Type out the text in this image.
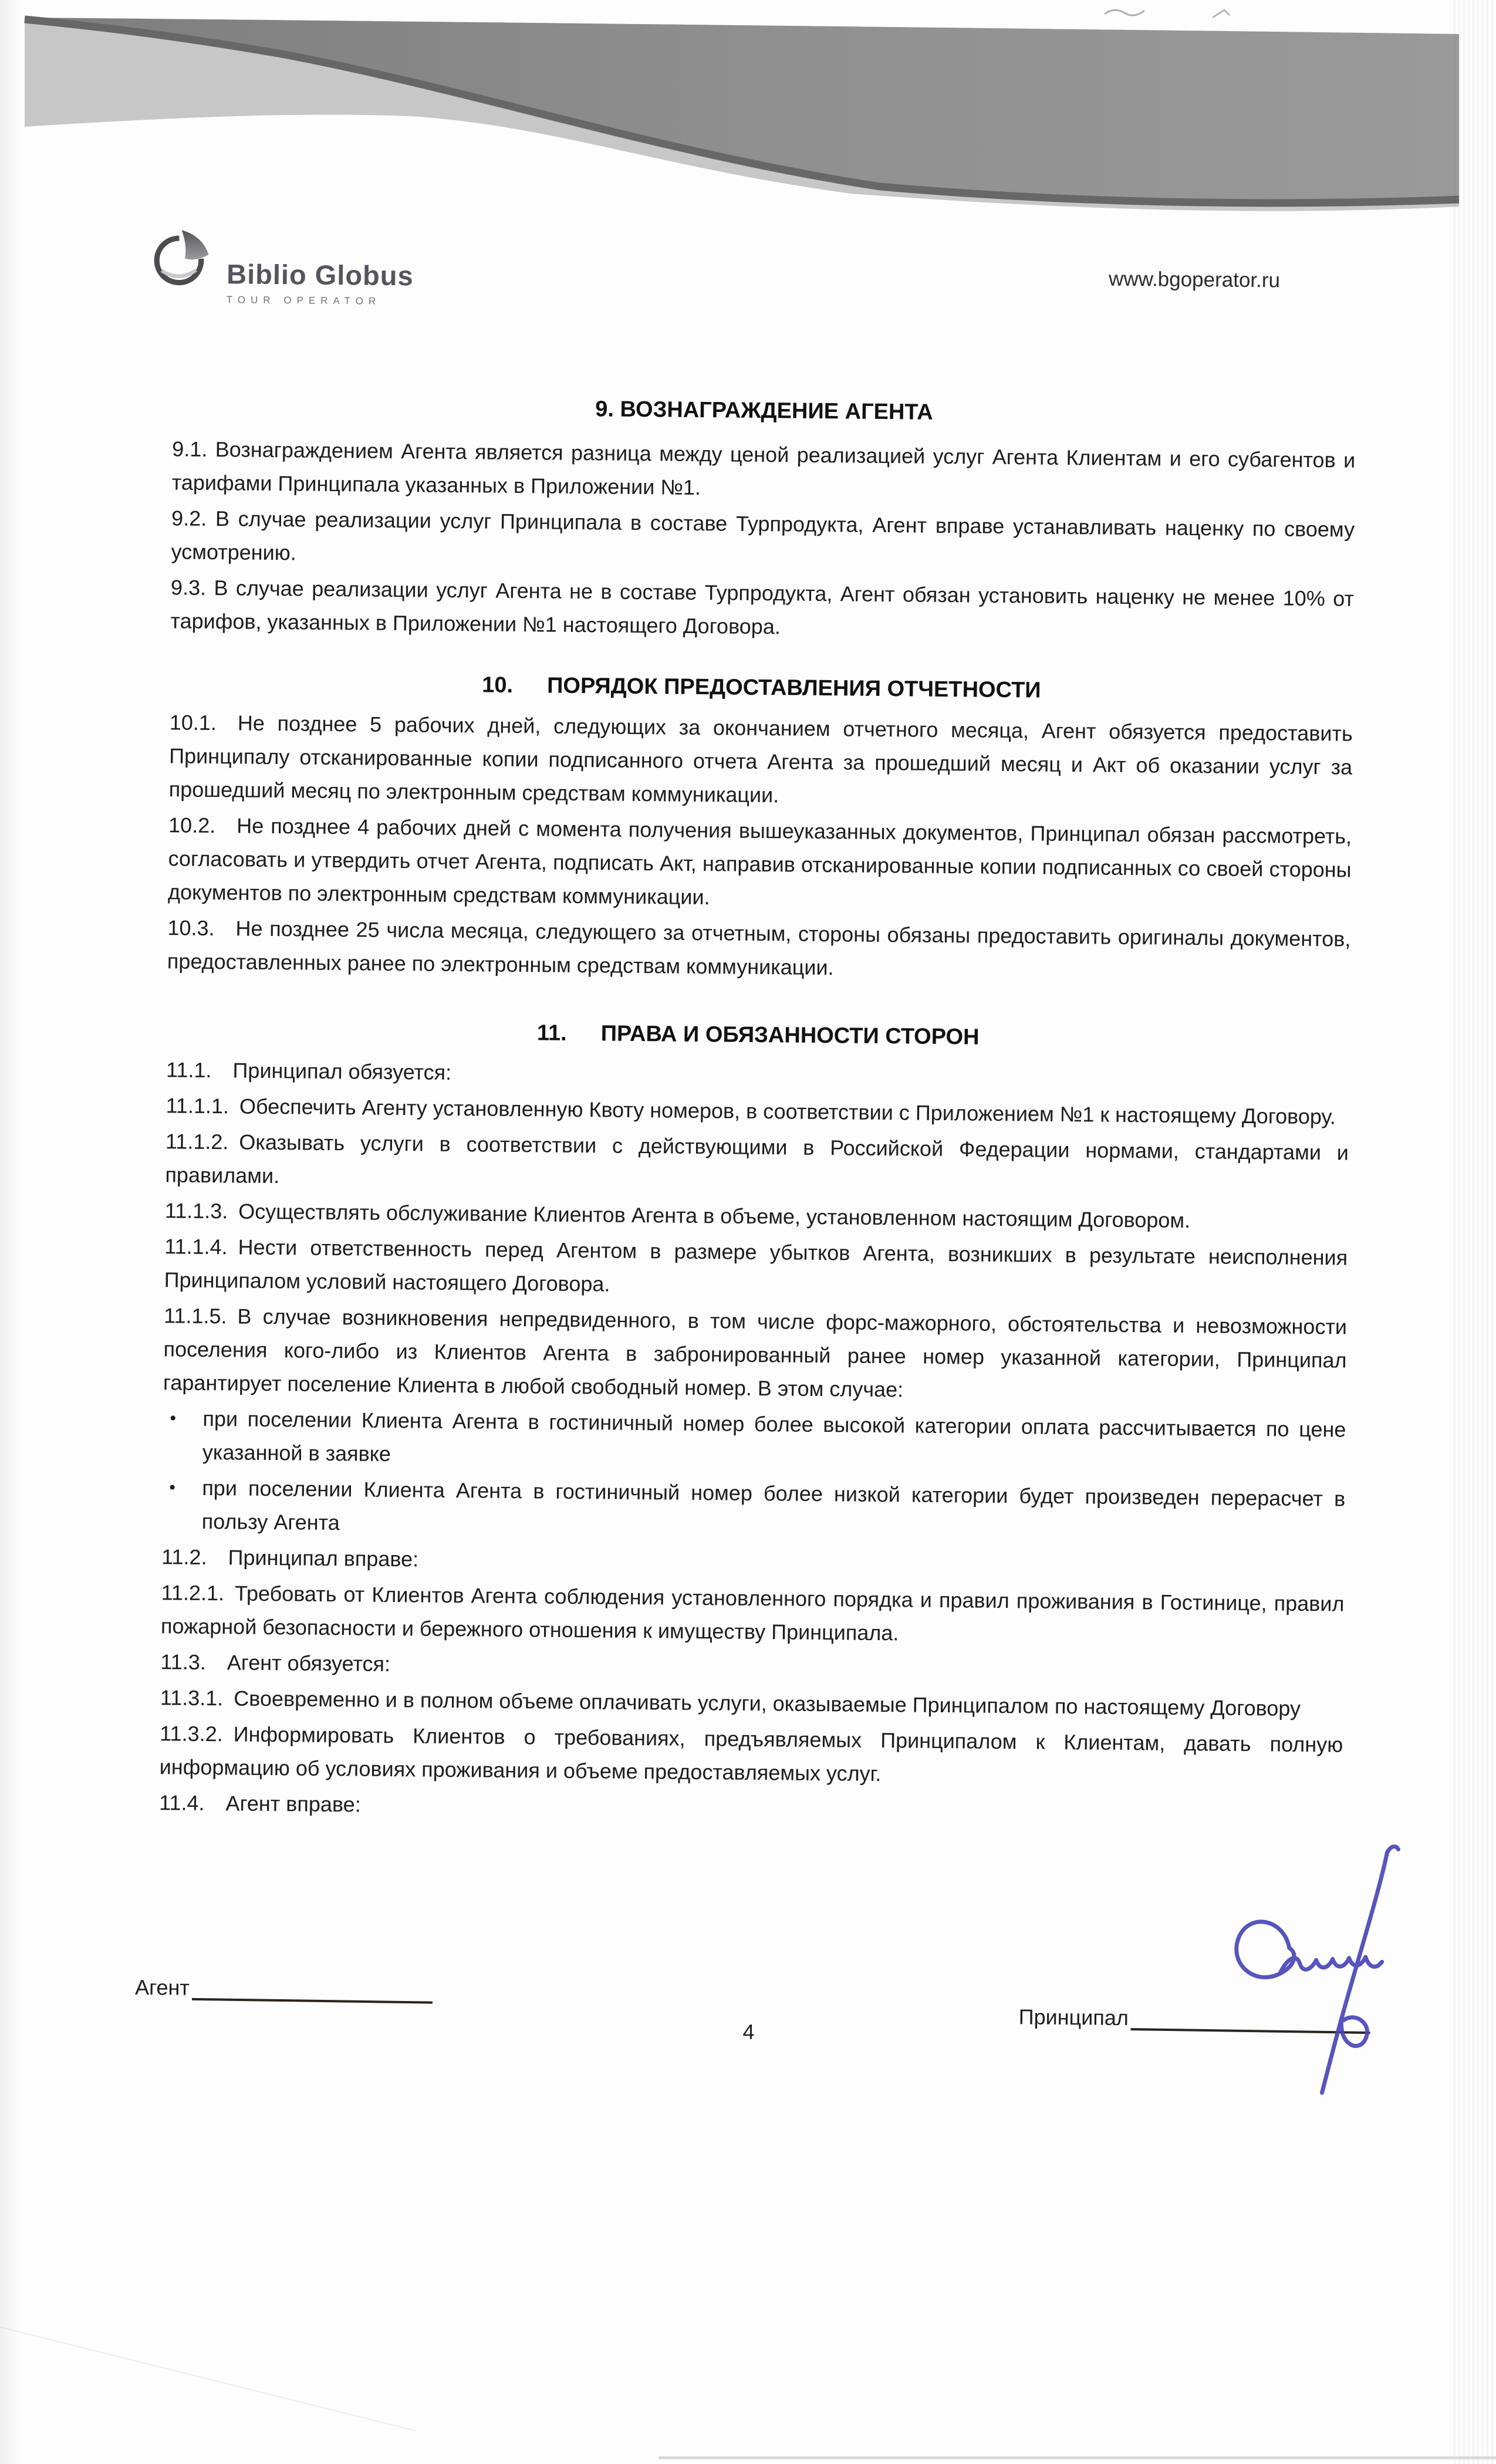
Biblio Globus
TOUR OPERATOR
www.bgoperator.ru
9. ВОЗНАГРАЖДЕНИЕ АГЕНТА

9.1. Вознаграждением Агента является разница между ценой реализацией услуг Агента Клиентам и его субагентов и тарифами Принципала указанных в Приложении №1.

9.2. В случае реализации услуг Принципала в составе Турпродукта, Агент вправе устанавливать наценку по своему усмотрению.

9.3. В случае реализации услуг Агента не в составе Турпродукта, Агент обязан установить наценку не менее 10% от тарифов, указанных в Приложении №1 настоящего Договора.

10. ПОРЯДОК ПРЕДОСТАВЛЕНИЯ ОТЧЕТНОСТИ

10.1. Не позднее 5 рабочих дней, следующих за окончанием отчетного месяца, Агент обязуется предоставить Принципалу отсканированные копии подписанного отчета Агента за прошедший месяц и Акт об оказании услуг за прошедший месяц по электронным средствам коммуникации.

10.2. Не позднее 4 рабочих дней с момента получения вышеуказанных документов, Принципал обязан рассмотреть, согласовать и утвердить отчет Агента, подписать Акт, направив отсканированные копии подписанных со своей стороны документов по электронным средствам коммуникации.

10.3. Не позднее 25 числа месяца, следующего за отчетным, стороны обязаны предоставить оригиналы документов, предоставленных ранее по электронным средствам коммуникации.

11. ПРАВА И ОБЯЗАННОСТИ СТОРОН

11.1. Принципал обязуется:

11.1.1. Обеспечить Агенту установленную Квоту номеров, в соответствии с Приложением №1 к настоящему Договору.

11.1.2. Оказывать услуги в соответствии с действующими в Российской Федерации нормами, стандартами и правилами.

11.1.3. Осуществлять обслуживание Клиентов Агента в объеме, установленном настоящим Договором.

11.1.4. Нести ответственность перед Агентом в размере убытков Агента, возникших в результате неисполнения Принципалом условий настоящего Договора.

11.1.5. В случае возникновения непредвиденного, в том числе форс-мажорного, обстоятельства и невозможности поселения кого-либо из Клиентов Агента в забронированный ранее номер указанной категории, Принципал гарантирует поселение Клиента в любой свободный номер. В этом случае:

•	при поселении Клиента Агента в гостиничный номер более высокой категории оплата рассчитывается по цене указанной в заявке
•	при поселении Клиента Агента в гостиничный номер более низкой категории будет произведен перерасчет в пользу Агента

11.2. Принципал вправе:

11.2.1. Требовать от Клиентов Агента соблюдения установленного порядка и правил проживания в Гостинице, правил пожарной безопасности и бережного отношения к имуществу Принципала.

11.3. Агент обязуется:

11.3.1. Своевременно и в полном объеме оплачивать услуги, оказываемые Принципалом по настоящему Договору

11.3.2. Информировать Клиентов о требованиях, предъявляемых Принципалом к Клиентам, давать полную информацию об условиях проживания и объеме предоставляемых услуг.

11.4. Агент вправе:

Агент
Принципал
4
